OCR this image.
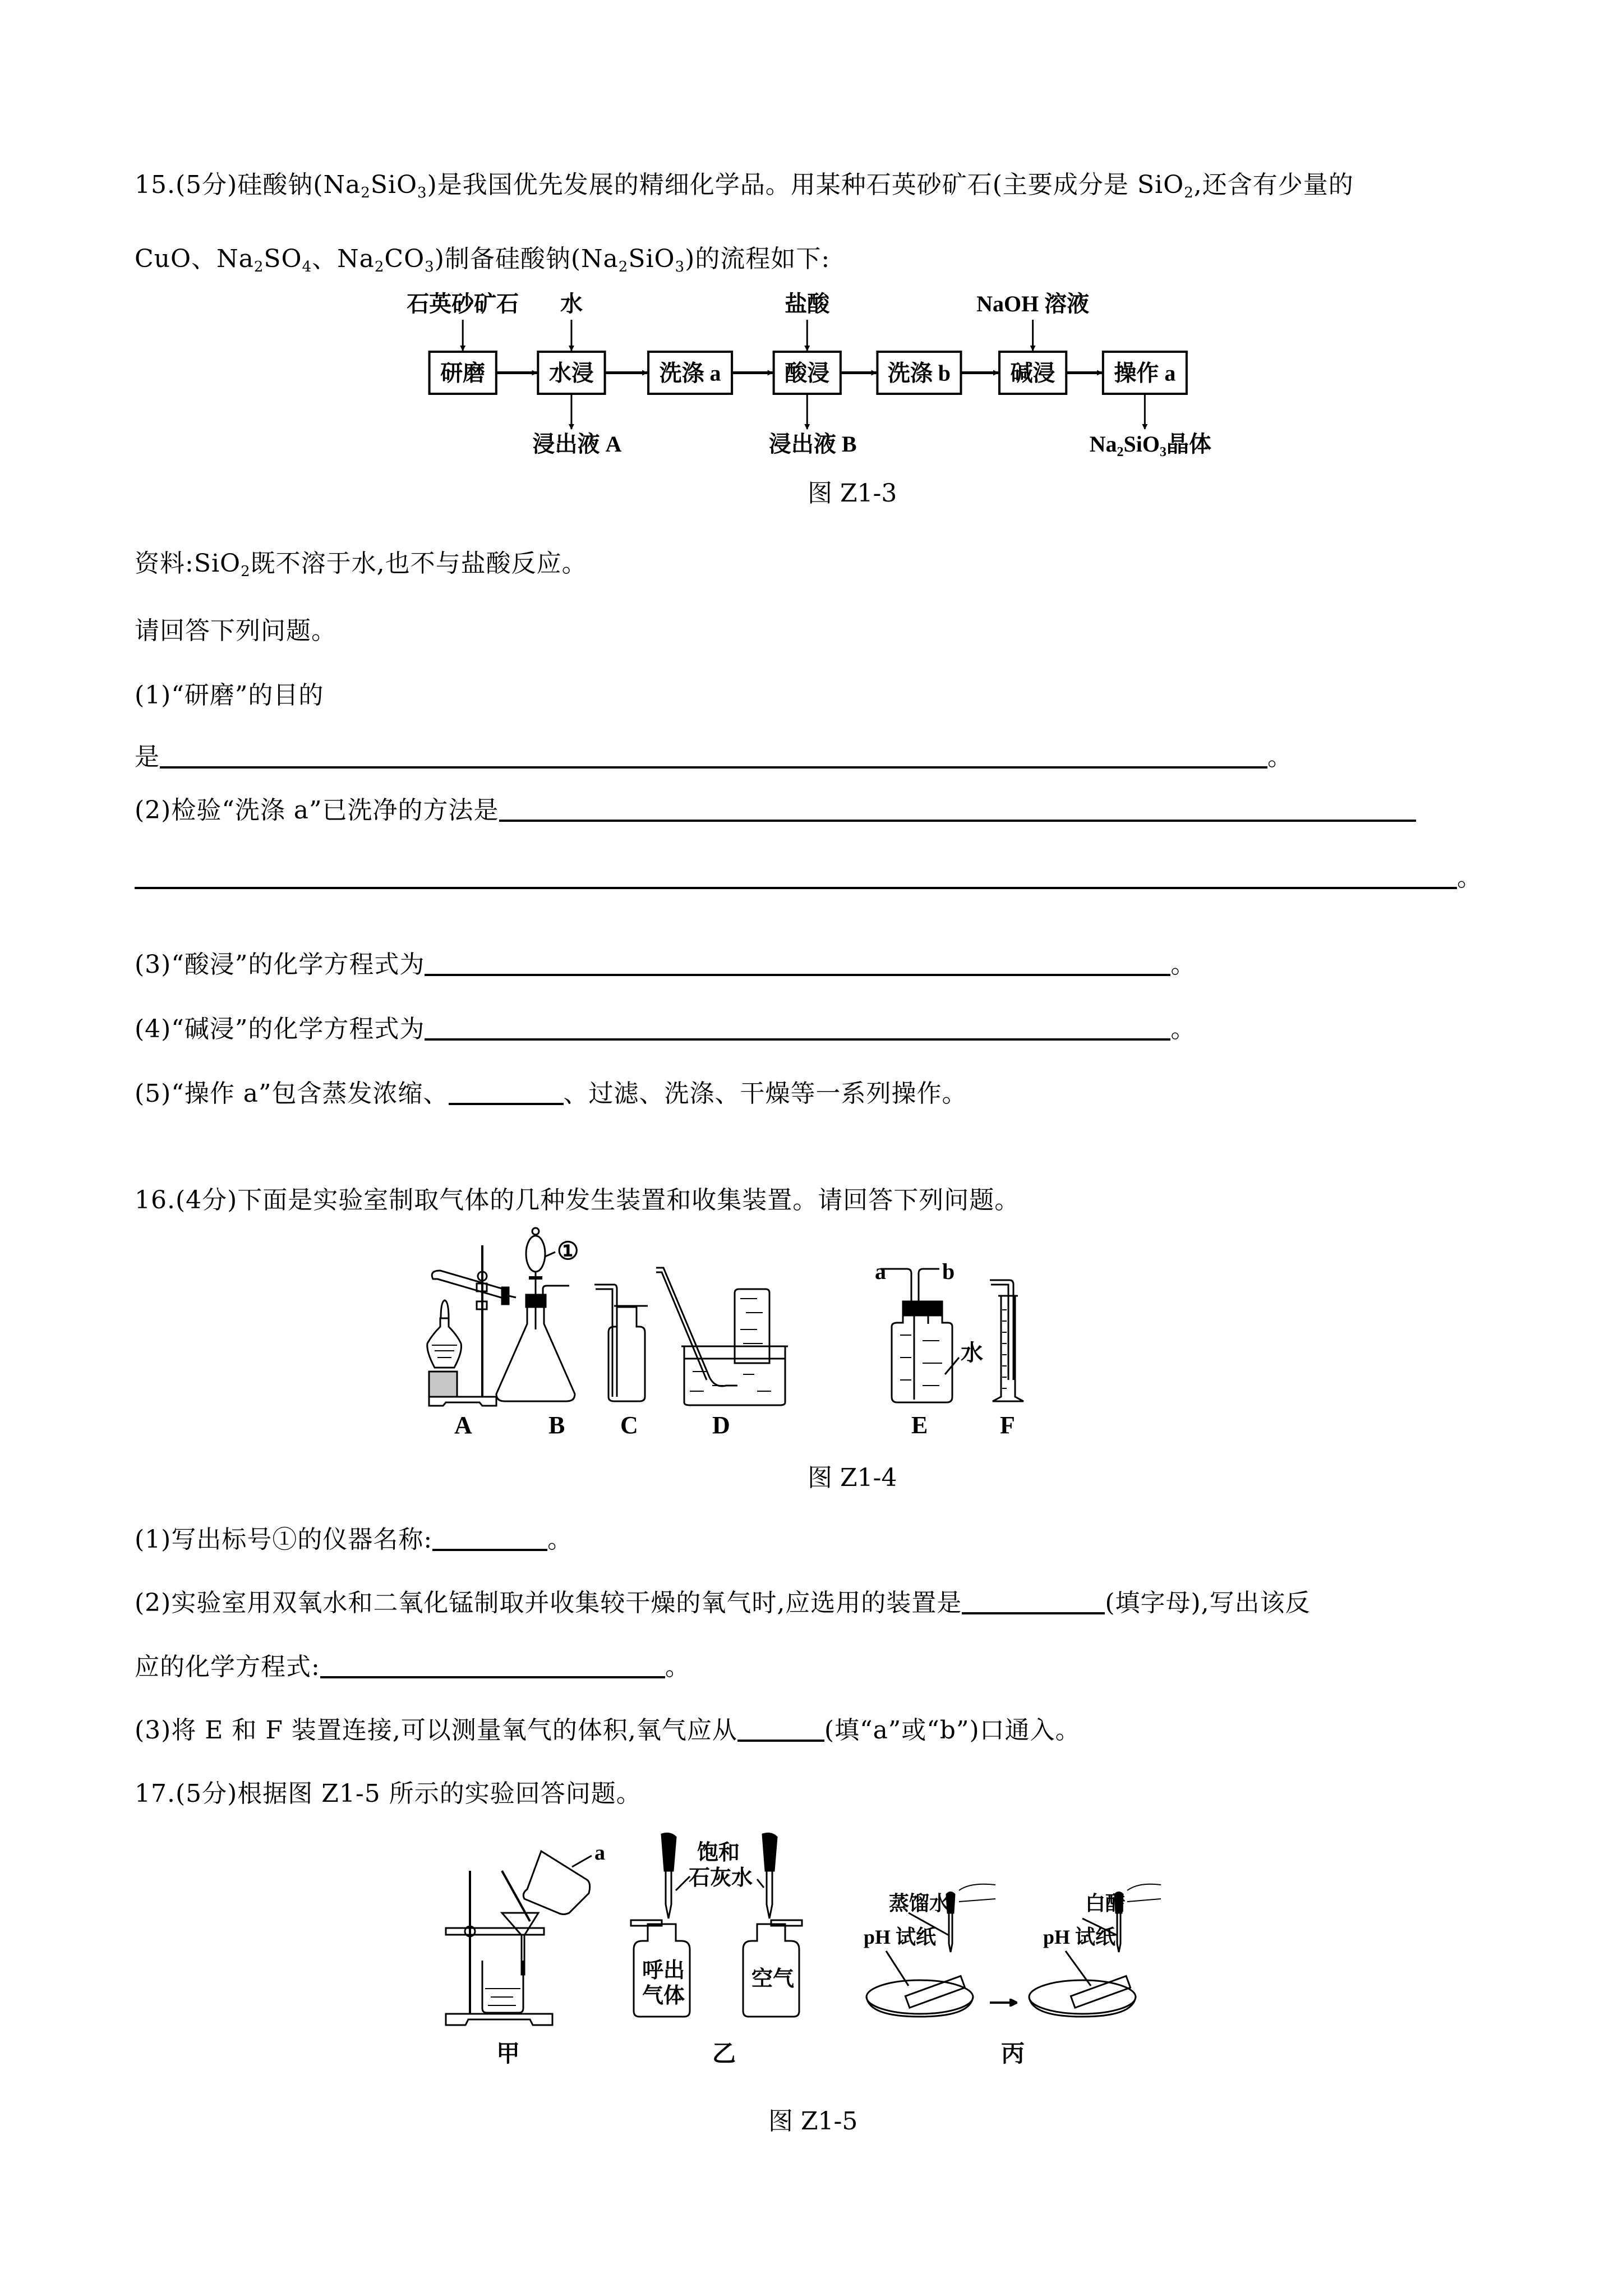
15.(5分)硅酸钠$(Na_2SiO_3)$是我国优先发展的精细化学品。用某种石英砂矿石(主要成分是 SiO$_2$,还含有少量的
CuO、$Na_2SO_4$、$Na_2CO_3$)制备硅酸钠$(Na_2SiO_3)$的流程如下:
研磨	水浸	洗涤 a	酸浸	洗涤 b	碱浸	操作 a
石英砂矿石 水	盐酸	NaOH 溶液
浸出液 A	浸出液 B	Na₂SiO₃晶体
图 Z1-3
资料:SiO$_2$既不溶于水,也不与盐酸反应。
请回答下列问题。
(1)“研磨”的目的
是	。
(2)检验“洗涤 a”已洗净的方法是
。
(3)“酸浸”的化学方程式为	。
(4)“碱浸”的化学方程式为	。
(5)“操作 a”包含蒸发浓缩、	、过滤、洗涤、干燥等一系列操作。
16.(4分)下面是实验室制取气体的几种发生装置和收集装置。请回答下列问题。
A
①
B C	D
a	b
水
E	F
图 Z1-4
(1)写出标号①的仪器名称:	。
(2)实验室用双氧水和二氧化锰制取并收集较干燥的氧气时,应选用的装置是	(填字母),写出该反
应的化学方程式:	。
(3)将 E 和 F 装置连接,可以测量氧气的体积,氧气应从	(填“a”或“b”)口通入。
17.(5分)根据图 Z1-5 所示的实验回答问题。
a
甲
饱和
石灰水
呼出
气体
空气
乙
蒸馏水	白醋
pH 试纸	pH 试纸
丙
图 Z1-5
